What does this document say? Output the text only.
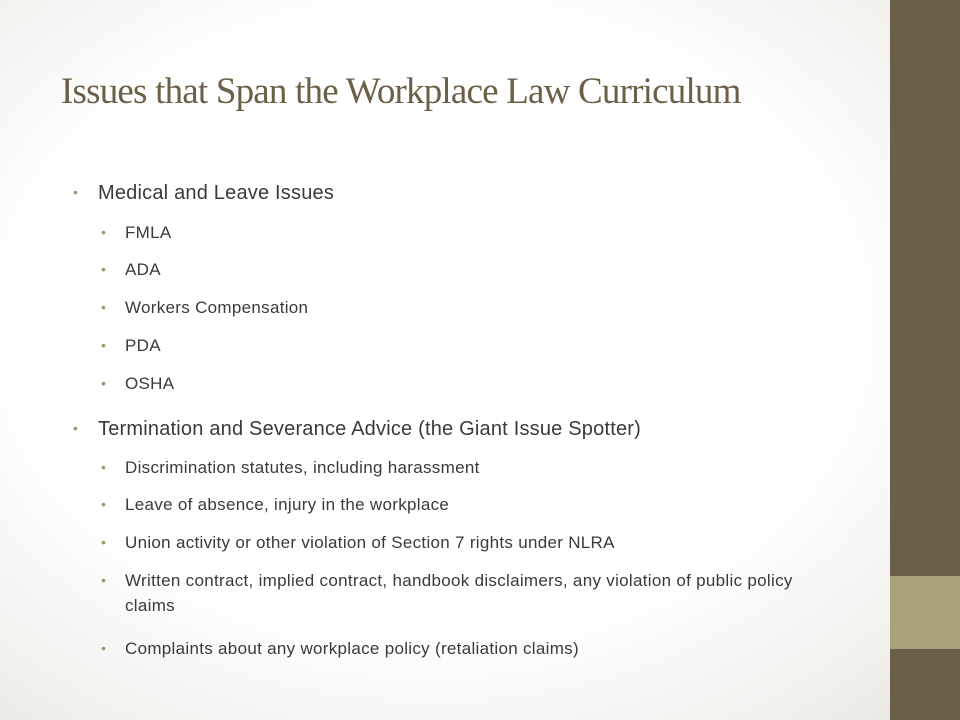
Issues that Span the Workplace Law Curriculum
• Medical and Leave Issues
• FMLA
• ADA
• Workers Compensation
• PDA
• OSHA
• Termination and Severance Advice (the Giant Issue Spotter)
• Discrimination statutes, including harassment
• Leave of absence, injury in the workplace
• Union activity or other violation of Section 7 rights under NLRA
• Written contract, implied contract, handbook disclaimers, any violation of public policy claims
• Complaints about any workplace policy (retaliation claims)
